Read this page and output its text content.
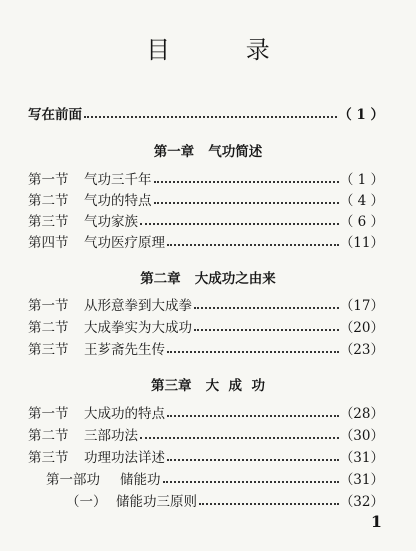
目 录
写在前面	（ 1 ）
第一章   气功简述
第一节	气功三千年	（ 1 ）
第二节	气功的特点	（ 4 ）
第三节	气功家族	（ 6 ）
第四节	气功医疗原理	（11）
第二章   大成功之由来
第一节	从形意拳到大成拳	（17）
第二节	大成拳实为大成功	（20）
第三节	王芗斋先生传	（23）
第三章   大  成  功
第一节	大成功的特点	（28）
第二节	三部功法	（30）
第三节	功理功法详述	（31）
第一部功	储能功	（31）
（一） 储能功三原则	（32）
1
